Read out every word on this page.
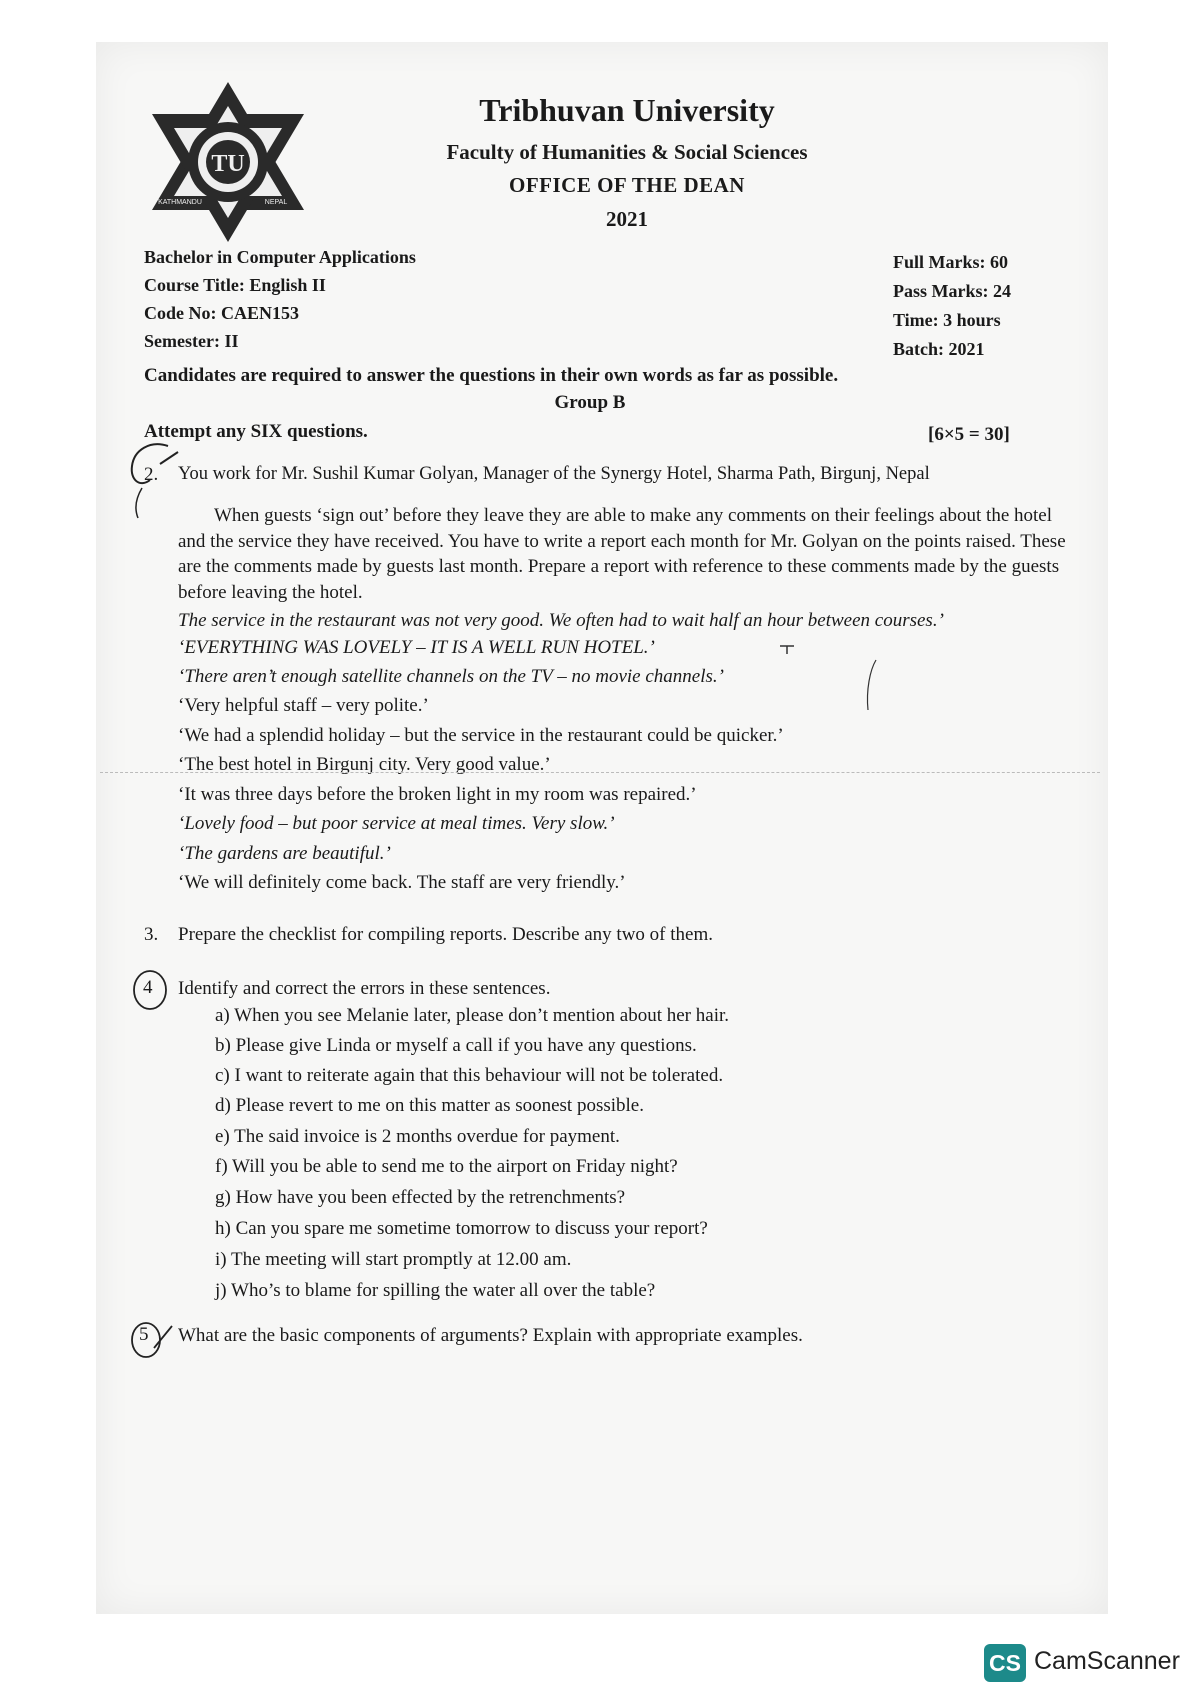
TU
KATHMANDU	NEPAL
Tribhuvan University
Faculty of Humanities & Social Sciences
OFFICE OF THE DEAN
2021
Bachelor in Computer Applications
Course Title: English II
Code No: CAEN153
Semester: II
Full Marks: 60
Pass Marks: 24
Time: 3 hours
Batch: 2021
Candidates are required to answer the questions in their own words as far as possible.
Group B
Attempt any SIX questions.	[6×5 = 30]
2. You work for Mr. Sushil Kumar Golyan, Manager of the Synergy Hotel, Sharma Path, Birgunj, Nepal
When guests ‘sign out’ before they leave they are able to make any comments on their feelings about the hotel and the service they have received. You have to write a report each month for Mr. Golyan on the points raised. These are the comments made by guests last month. Prepare a report with reference to these comments made by the guests before leaving the hotel.
The service in the restaurant was not very good. We often had to wait half an hour between courses.’
‘EVERYTHING WAS LOVELY – IT IS A WELL RUN HOTEL.’
‘There aren’t enough satellite channels on the TV – no movie channels.’
‘Very helpful staff – very polite.’
‘We had a splendid holiday – but the service in the restaurant could be quicker.’
‘The best hotel in Birgunj city. Very good value.’
‘It was three days before the broken light in my room was repaired.’
‘Lovely food – but poor service at meal times. Very slow.’
‘The gardens are beautiful.’
‘We will definitely come back. The staff are very friendly.’
3. Prepare the checklist for compiling reports. Describe any two of them.
4 Identify and correct the errors in these sentences.
a) When you see Melanie later, please don’t mention about her hair.
b) Please give Linda or myself a call if you have any questions.
c) I want to reiterate again that this behaviour will not be tolerated.
d) Please revert to me on this matter as soonest possible.
e) The said invoice is 2 months overdue for payment.
f) Will you be able to send me to the airport on Friday night?
g) How have you been effected by the retrenchments?
h) Can you spare me sometime tomorrow to discuss your report?
i) The meeting will start promptly at 12.00 am.
j) Who’s to blame for spilling the water all over the table?
5 What are the basic components of arguments? Explain with appropriate examples.
CS CamScanner
